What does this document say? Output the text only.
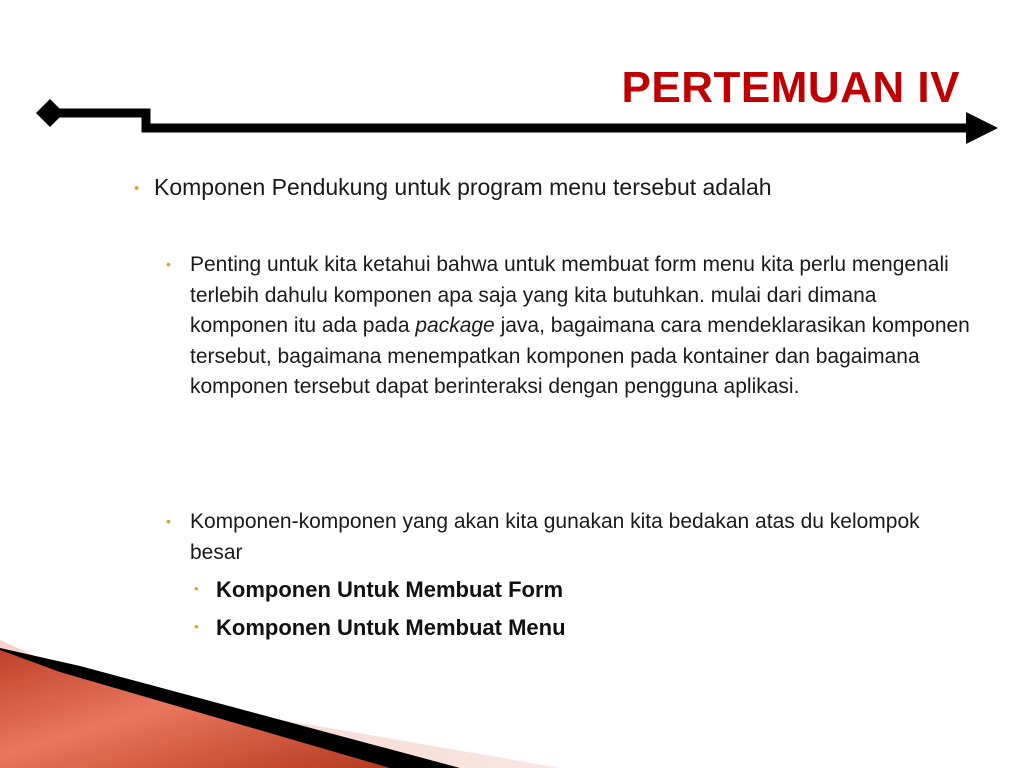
PERTEMUAN IV
• Komponen Pendukung untuk program menu tersebut adalah
• Penting untuk kita ketahui bahwa untuk membuat form menu kita perlu mengenali terlebih dahulu komponen apa saja yang kita butuhkan. mulai dari dimana komponen itu ada pada package java, bagaimana cara mendeklarasikan komponen tersebut, bagaimana menempatkan komponen pada kontainer dan bagaimana komponen tersebut dapat berinteraksi dengan pengguna aplikasi.
• Komponen-komponen yang akan kita gunakan kita bedakan atas du kelompok besar
• Komponen Untuk Membuat Form
• Komponen Untuk Membuat Menu
